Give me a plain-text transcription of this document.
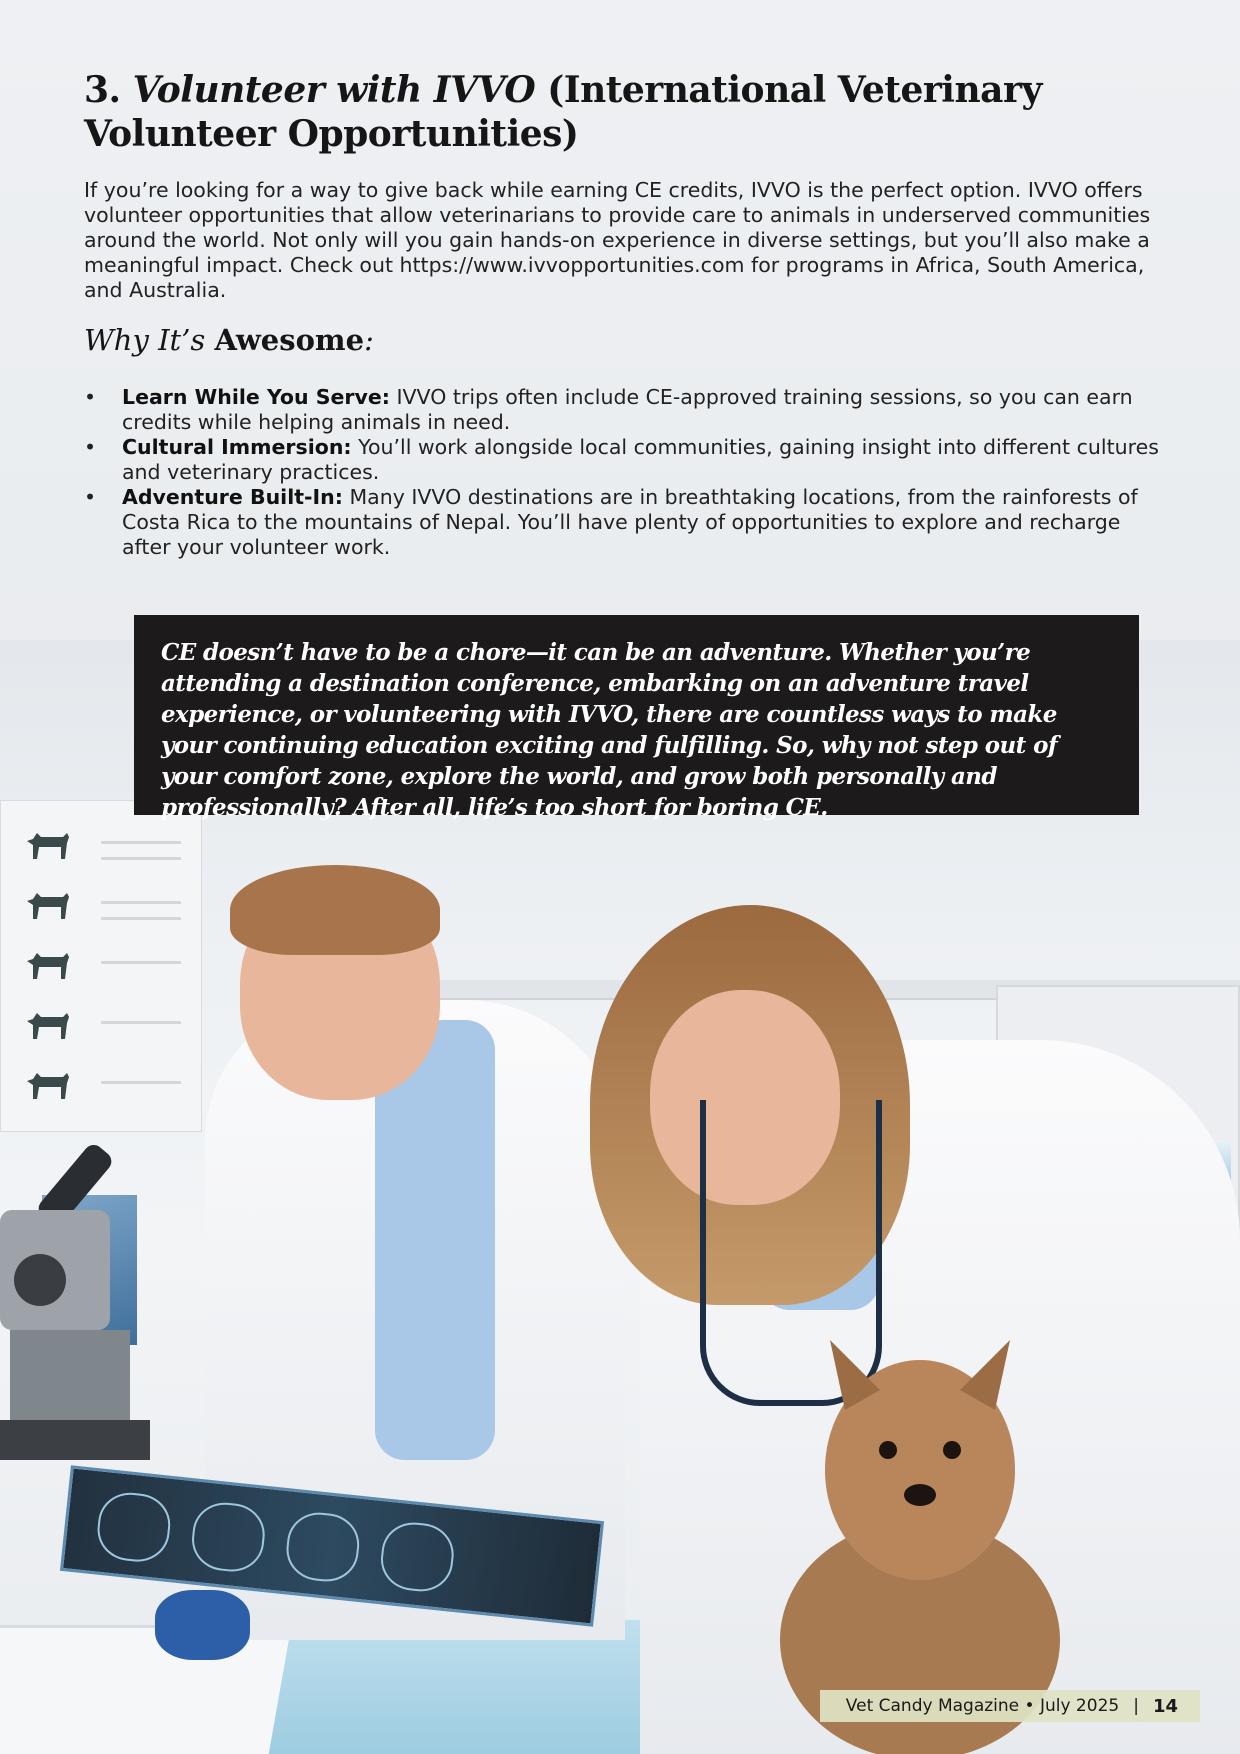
3. Volunteer with IVVO (International Veterinary Volunteer Opportunities)

If you’re looking for a way to give back while earning CE credits, IVVO is the perfect option. IVVO offers volunteer opportunities that allow veterinarians to provide care to animals in underserved communities around the world. Not only will you gain hands-on experience in diverse settings, but you’ll also make a meaningful impact. Check out https://www.ivvopportunities.com for programs in Africa, South America, and Australia.

Why It’s Awesome:
• Learn While You Serve: IVVO trips often include CE-approved training sessions, so you can earn credits while helping animals in need.
• Cultural Immersion: You’ll work alongside local communities, gaining insight into different cultures and veterinary practices.
• Adventure Built-In: Many IVVO destinations are in breathtaking locations, from the rainforests of Costa Rica to the mountains of Nepal. You’ll have plenty of opportunities to explore and recharge after your volunteer work.

CE doesn’t have to be a chore—it can be an adventure. Whether you’re attending a destination conference, embarking on an adventure travel experience, or volunteering with IVVO, there are countless ways to make your continuing education exciting and fulfilling. So, why not step out of your comfort zone, explore the world, and grow both personally and professionally? After all, life’s too short for boring CE.

Vet Candy Magazine • July 2025 | 14
